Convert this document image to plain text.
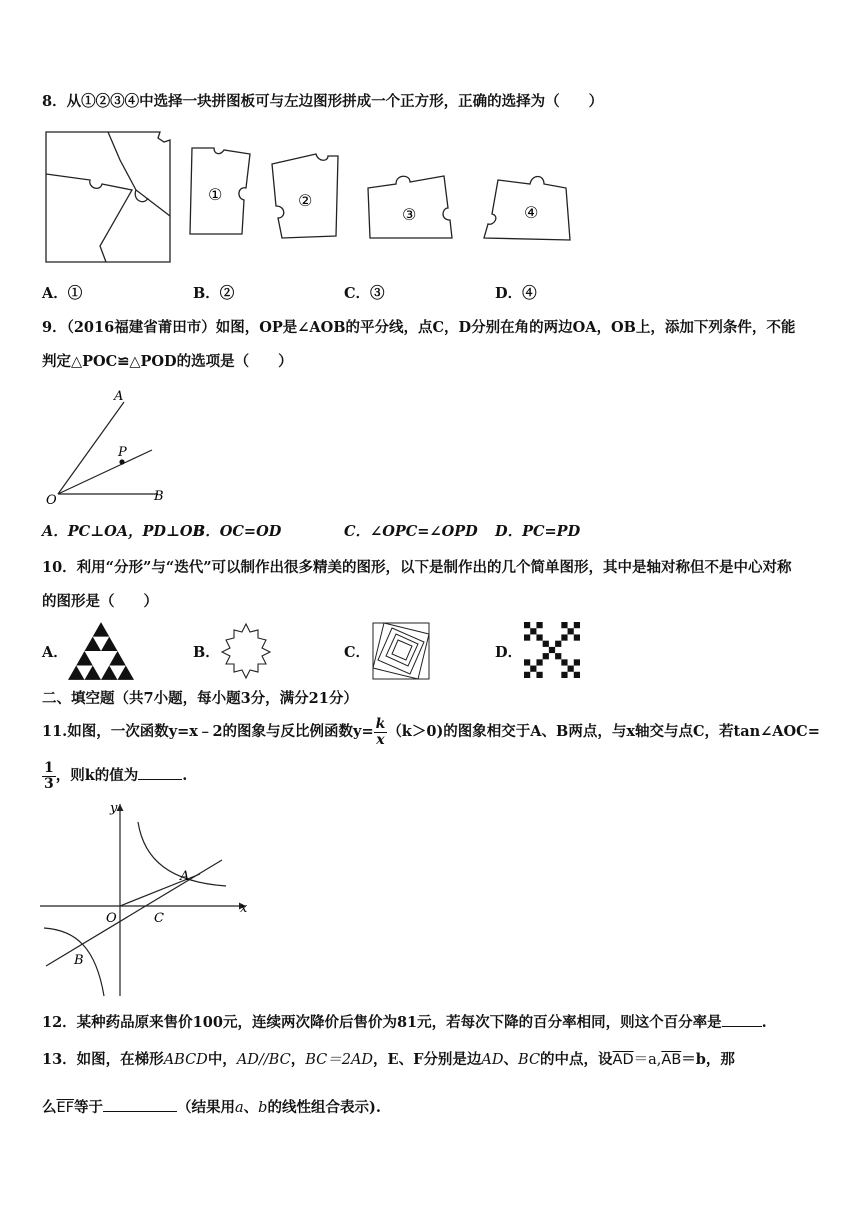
8．从①②③④中选择一块拼图板可与左边图形拼成一个正方形，正确的选择为（　　）
①	②
③	④
A．①	B．②	C．③	D．④
9．（2016福建省莆田市）如图，OP是∠AOB的平分线，点C，D分别在角的两边OA，OB上，添加下列条件，不能
判定△POC≌△POD的选项是（　　）
A
P
O	B
A．PC⊥OA，PD⊥OB
B．OC=OD	C．∠OPC=∠OPD D．PC=PD
10．利用“分形”与“迭代”可以制作出很多精美的图形，以下是制作出的几个简单图形，其中是轴对称但不是中心对称
的图形是（　　）
A．	B．	C．	D．
二、填空题（共7小题，每小题3分，满分21分）
11.如图，一次函数y=x﹣2的图象与反比例函数$y= \frac{k}{x} (k>0)$的图象相交于A、B两点，与x轴交与点C，若tan∠AOC=
$\frac{1}{3}$ ，则k的值为	.
y
x
O	C
A
B
12．某种药品原来售价100元，连续两次降价后售价为81元，若每次下降的百分率相同，则这个百分率是	.
13．如图，在梯形ABCD中，AD//BC，BC＝2AD，E、F分别是边AD、BC的中点，设$\overline{AD}=a,\overline{AB}=b$，那
么$\overline{EF}$等于	（结果用a、b的线性组合表示).
